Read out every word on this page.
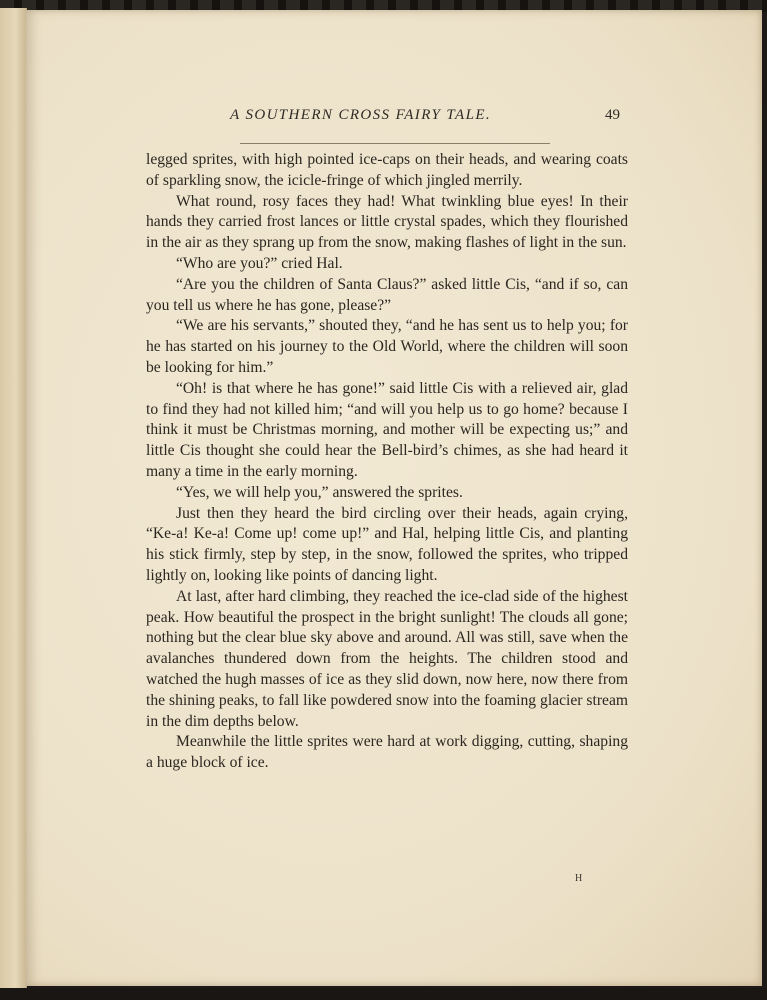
A SOUTHERN CROSS FAIRY TALE.	49

legged sprites, with high pointed ice-caps on their heads, and wearing coats of sparkling snow, the icicle-fringe of which jingled merrily.

What round, rosy faces they had! What twinkling blue eyes! In their hands they carried frost lances or little crystal spades, which they flourished in the air as they sprang up from the snow, making flashes of light in the sun.

“Who are you?” cried Hal.

“Are you the children of Santa Claus?” asked little Cis, “and if so, can you tell us where he has gone, please?”

“We are his servants,” shouted they, “and he has sent us to help you; for he has started on his journey to the Old World, where the children will soon be looking for him.”

“Oh! is that where he has gone!” said little Cis with a relieved air, glad to find they had not killed him; “and will you help us to go home? because I think it must be Christmas morning, and mother will be expecting us;” and little Cis thought she could hear the Bell-bird’s chimes, as she had heard it many a time in the early morning.

“Yes, we will help you,” answered the sprites.

Just then they heard the bird circling over their heads, again crying, “Ke-a! Ke-a! Come up! come up!” and Hal, helping little Cis, and planting his stick firmly, step by step, in the snow, followed the sprites, who tripped lightly on, looking like points of dancing light.

At last, after hard climbing, they reached the ice-clad side of the highest peak. How beautiful the prospect in the bright sunlight! The clouds all gone; nothing but the clear blue sky above and around. All was still, save when the avalanches thundered down from the heights. The children stood and watched the hugh masses of ice as they slid down, now here, now there from the shining peaks, to fall like powdered snow into the foaming glacier stream in the dim depths below.

Meanwhile the little sprites were hard at work digging, cutting, shaping a huge block of ice.

H
